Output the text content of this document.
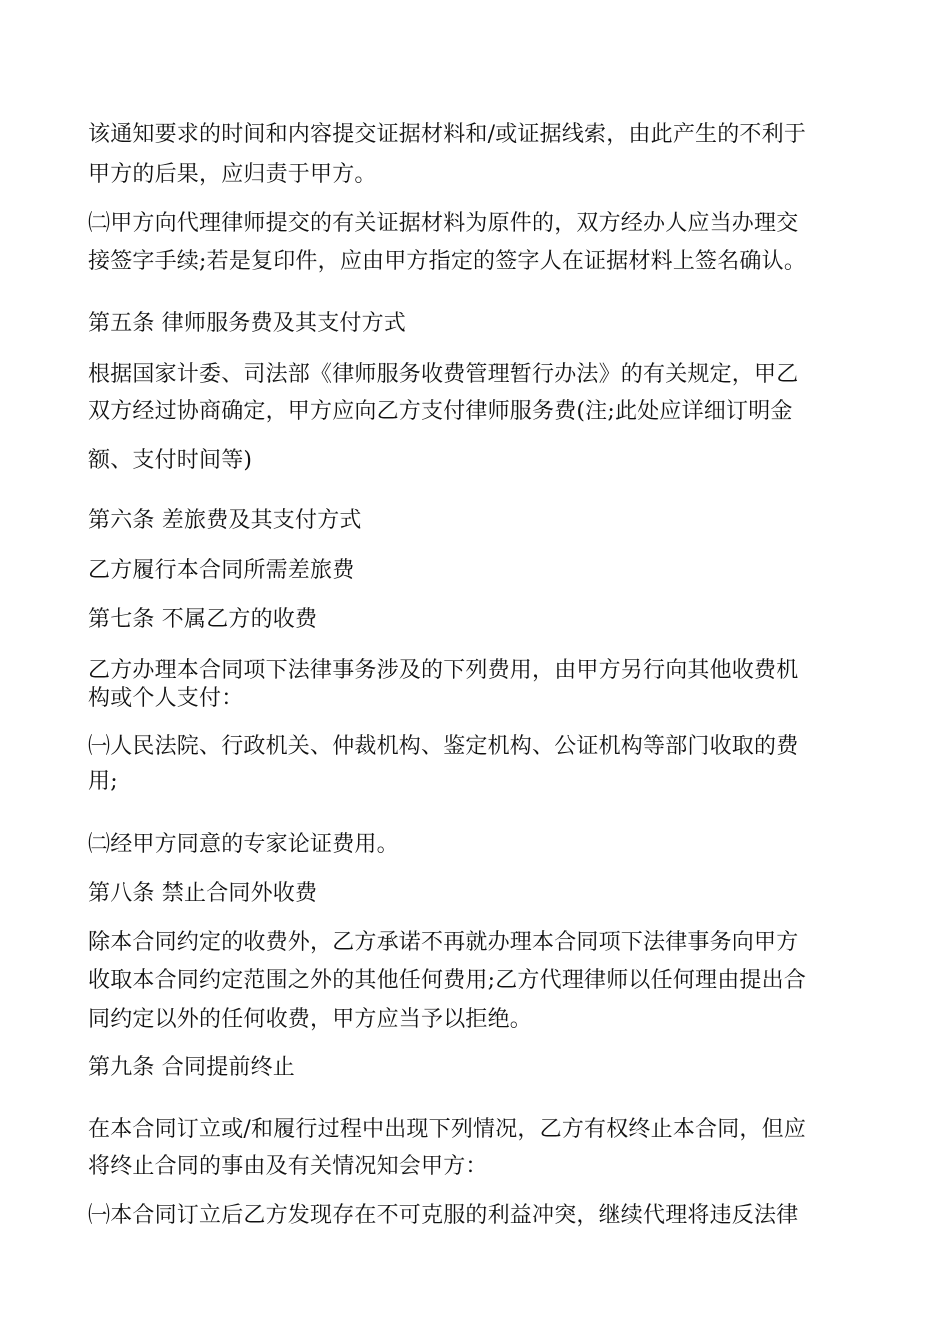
该通知要求的时间和内容提交证据材料和/或证据线索，由此产生的不利于
甲方的后果，应归责于甲方。
㈡甲方向代理律师提交的有关证据材料为原件的，双方经办人应当办理交
接签字手续;若是复印件，应由甲方指定的签字人在证据材料上签名确认。
第五条 律师服务费及其支付方式
根据国家计委、司法部《律师服务收费管理暂行办法》的有关规定，甲乙
双方经过协商确定，甲方应向乙方支付律师服务费(注;此处应详细订明金
额、支付时间等)
第六条 差旅费及其支付方式
乙方履行本合同所需差旅费
第七条 不属乙方的收费
乙方办理本合同项下法律事务涉及的下列费用，由甲方另行向其他收费机
构或个人支付：
㈠人民法院、行政机关、仲裁机构、鉴定机构、公证机构等部门收取的费
用;
㈡经甲方同意的专家论证费用。
第八条 禁止合同外收费
除本合同约定的收费外，乙方承诺不再就办理本合同项下法律事务向甲方
收取本合同约定范围之外的其他任何费用;乙方代理律师以任何理由提出合
同约定以外的任何收费，甲方应当予以拒绝。
第九条 合同提前终止
在本合同订立或/和履行过程中出现下列情况，乙方有权终止本合同，但应
将终止合同的事由及有关情况知会甲方：
㈠本合同订立后乙方发现存在不可克服的利益冲突，继续代理将违反法律
